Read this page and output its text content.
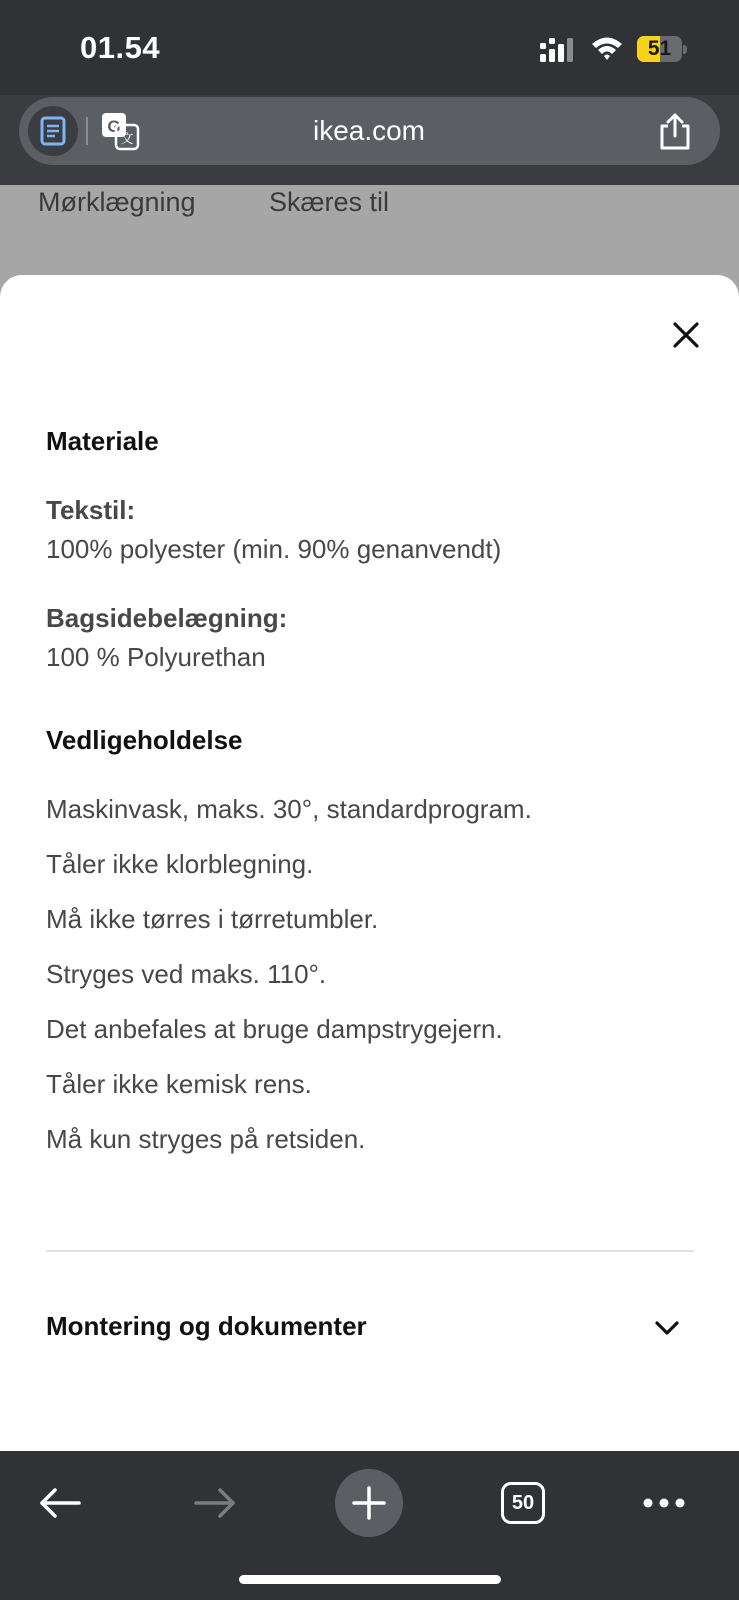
01.54	51
G
文	ikea.com
Mørklægning	Skæres til
Materiale
Tekstil:
100% polyester (min. 90% genanvendt)
Bagsidebelægning:
100 % Polyurethan
Vedligeholdelse
Maskinvask, maks. 30°, standardprogram.
Tåler ikke klorblegning.
Må ikke tørres i tørretumbler.
Stryges ved maks. 110°.
Det anbefales at bruge dampstrygejern.
Tåler ikke kemisk rens.
Må kun stryges på retsiden.
Montering og dokumenter
50
